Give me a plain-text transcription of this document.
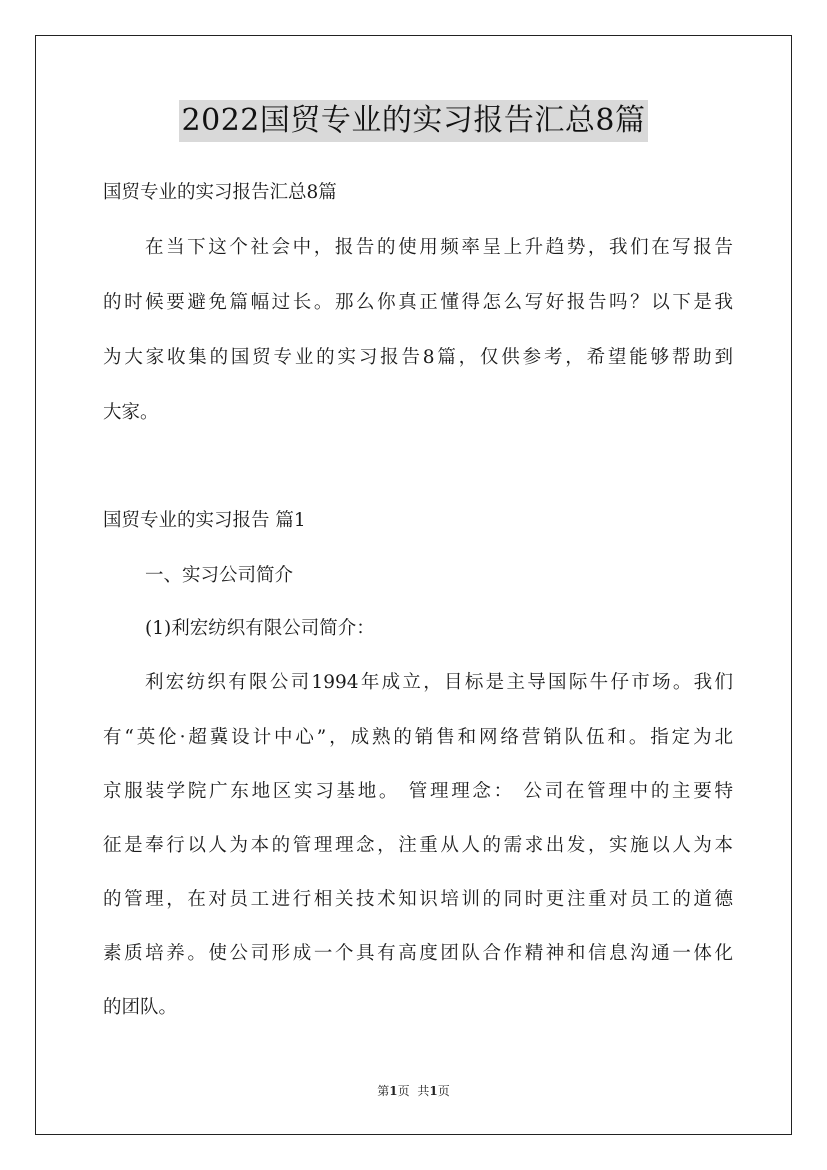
2022国贸专业的实习报告汇总8篇
国贸专业的实习报告汇总8篇
在当下这个社会中，报告的使用频率呈上升趋势，我们在写报告
的时候要避免篇幅过长。那么你真正懂得怎么写好报告吗？以下是我
为大家收集的国贸专业的实习报告8篇，仅供参考，希望能够帮助到
大家。
国贸专业的实习报告 篇1
一、实习公司简介
(1)利宏纺织有限公司简介：
利宏纺织有限公司1994年成立，目标是主导国际牛仔市场。我们
有“英伦·超冀设计中心”，成熟的销售和网络营销队伍和。指定为北
京服装学院广东地区实习基地。 管理理念： 公司在管理中的主要特
征是奉行以人为本的管理理念，注重从人的需求出发，实施以人为本
的管理，在对员工进行相关技术知识培训的同时更注重对员工的道德
素质培养。使公司形成一个具有高度团队合作精神和信息沟通一体化
的团队。
第1页 共1页
